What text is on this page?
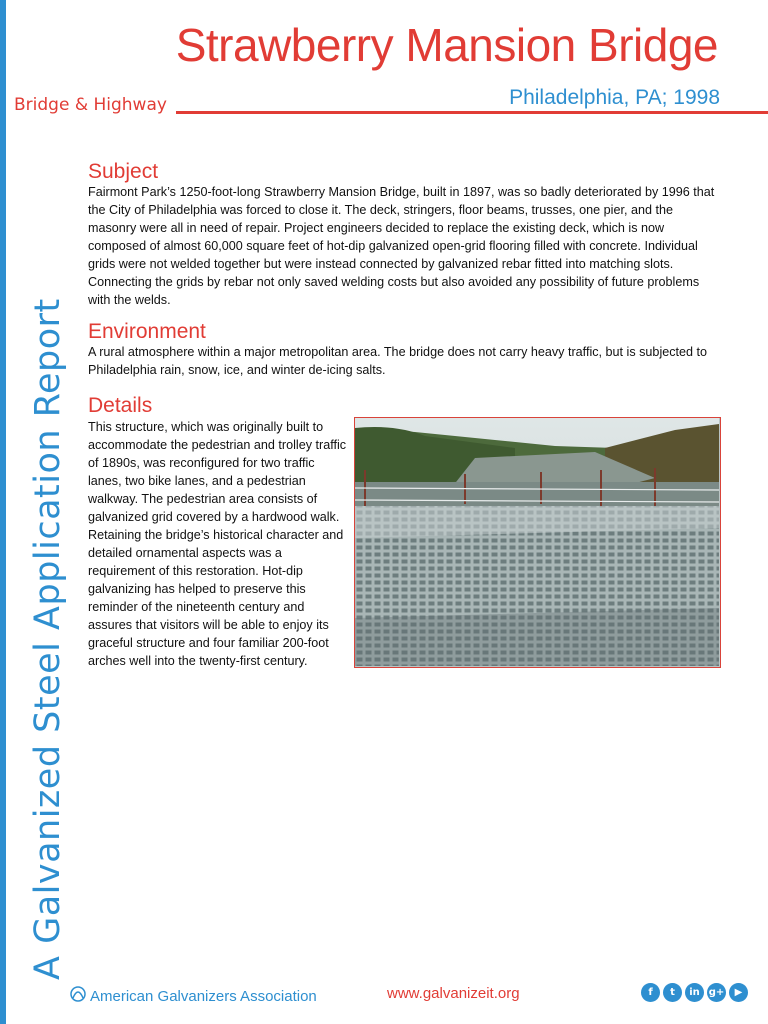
A Galvanized Steel Application Report
Strawberry Mansion Bridge
Bridge & Highway	Philadelphia, PA; 1998
Subject

Fairmont Park’s 1250-foot-long Strawberry Mansion Bridge, built in 1897, was so badly deteriorated by 1996 that the City of Philadelphia was forced to close it. The deck, stringers, floor beams, trusses, one pier, and the masonry were all in need of repair. Project engineers decided to replace the existing deck, which is now composed of almost 60,000 square feet of hot-dip galvanized open-grid flooring filled with concrete. Individual grids were not welded together but were instead connected by galvanized rebar fitted into matching slots. Connecting the grids by rebar not only saved welding costs but also avoided any possibility of future problems with the welds.

Environment

A rural atmosphere within a major metropolitan area. The bridge does not carry heavy traffic, but is subjected to Philadelphia rain, snow, ice, and winter de-icing salts.

Details

This structure, which was originally built to accommodate the pedestrian and trolley traffic of 1890s, was reconfigured for two traffic lanes, two bike lanes, and a pedestrian walkway. The pedestrian area consists of galvanized grid covered by a hardwood walk. Retaining the bridge’s historical character and detailed ornamental aspects was a requirement of this restoration. Hot-dip galvanizing has helped to preserve this reminder of the nineteenth century and assures that visitors will be able to enjoy its graceful structure and four familiar 200-foot arches well into the twenty-first century.

American Galvanizers Association	www.galvanizeit.org	f	t	in g+	▶
